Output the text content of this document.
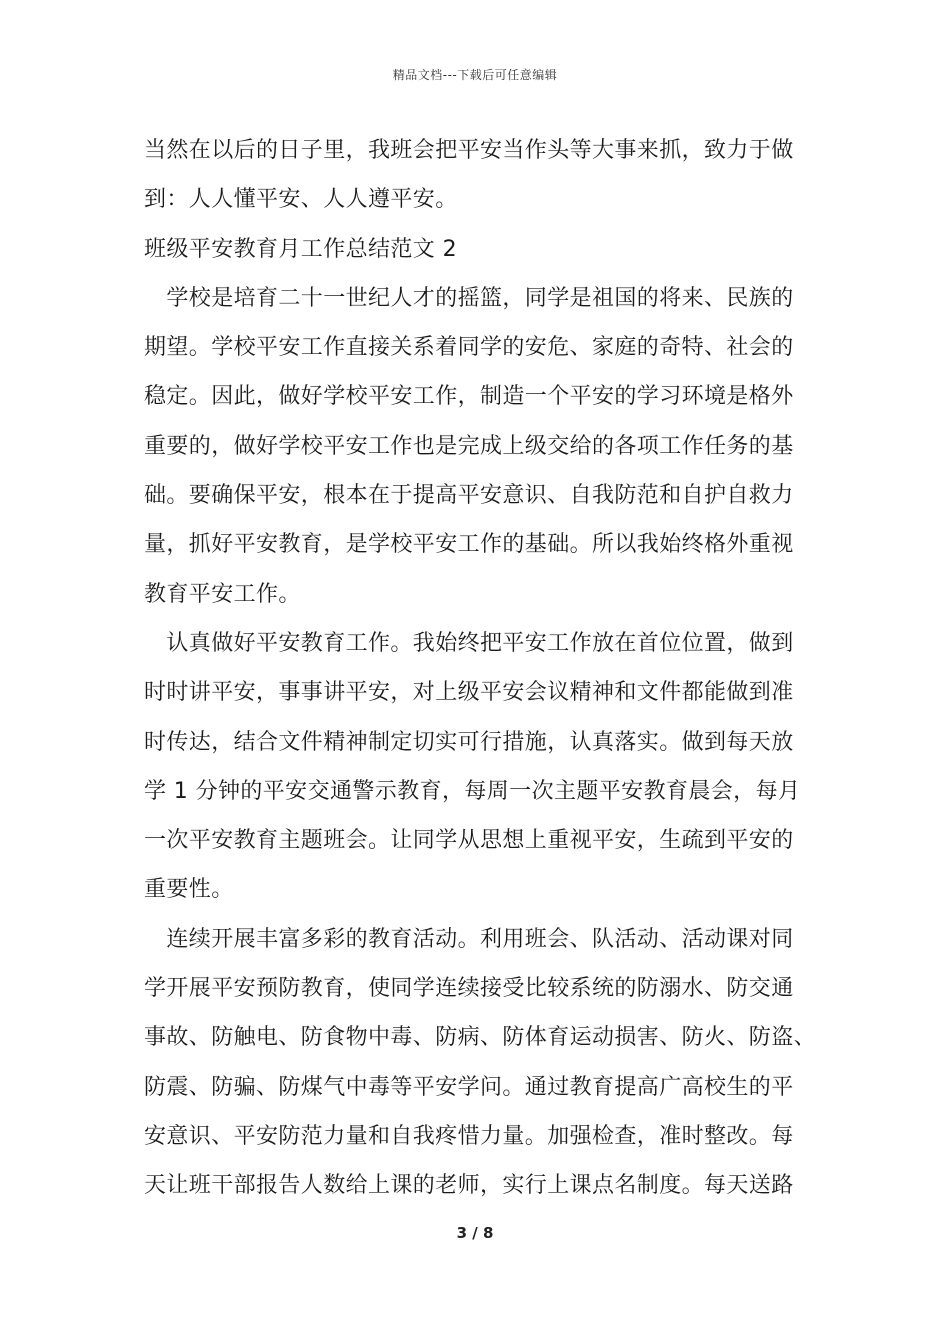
精品文档---下载后可任意编辑
当然在以后的日子里，我班会把平安当作头等大事来抓，致力于做
到：人人懂平安、人人遵平安。
班级平安教育月工作总结范文 2
　学校是培育二十一世纪人才的摇篮，同学是祖国的将来、民族的
期望。学校平安工作直接关系着同学的安危、家庭的奇特、社会的
稳定。因此，做好学校平安工作，制造一个平安的学习环境是格外
重要的，做好学校平安工作也是完成上级交给的各项工作任务的基
础。要确保平安，根本在于提高平安意识、自我防范和自护自救力
量，抓好平安教育，是学校平安工作的基础。所以我始终格外重视
教育平安工作。
　认真做好平安教育工作。我始终把平安工作放在首位位置，做到
时时讲平安，事事讲平安，对上级平安会议精神和文件都能做到准
时传达，结合文件精神制定切实可行措施，认真落实。做到每天放
学 1 分钟的平安交通警示教育，每周一次主题平安教育晨会，每月
一次平安教育主题班会。让同学从思想上重视平安，生疏到平安的
重要性。
　连续开展丰富多彩的教育活动。利用班会、队活动、活动课对同
学开展平安预防教育，使同学连续接受比较系统的防溺水、防交通
事故、防触电、防食物中毒、防病、防体育运动损害、防火、防盗、
防震、防骗、防煤气中毒等平安学问。通过教育提高广高校生的平
安意识、平安防范力量和自我疼惜力量。加强检查，准时整改。每
天让班干部报告人数给上课的老师，实行上课点名制度。每天送路
3 / 8
